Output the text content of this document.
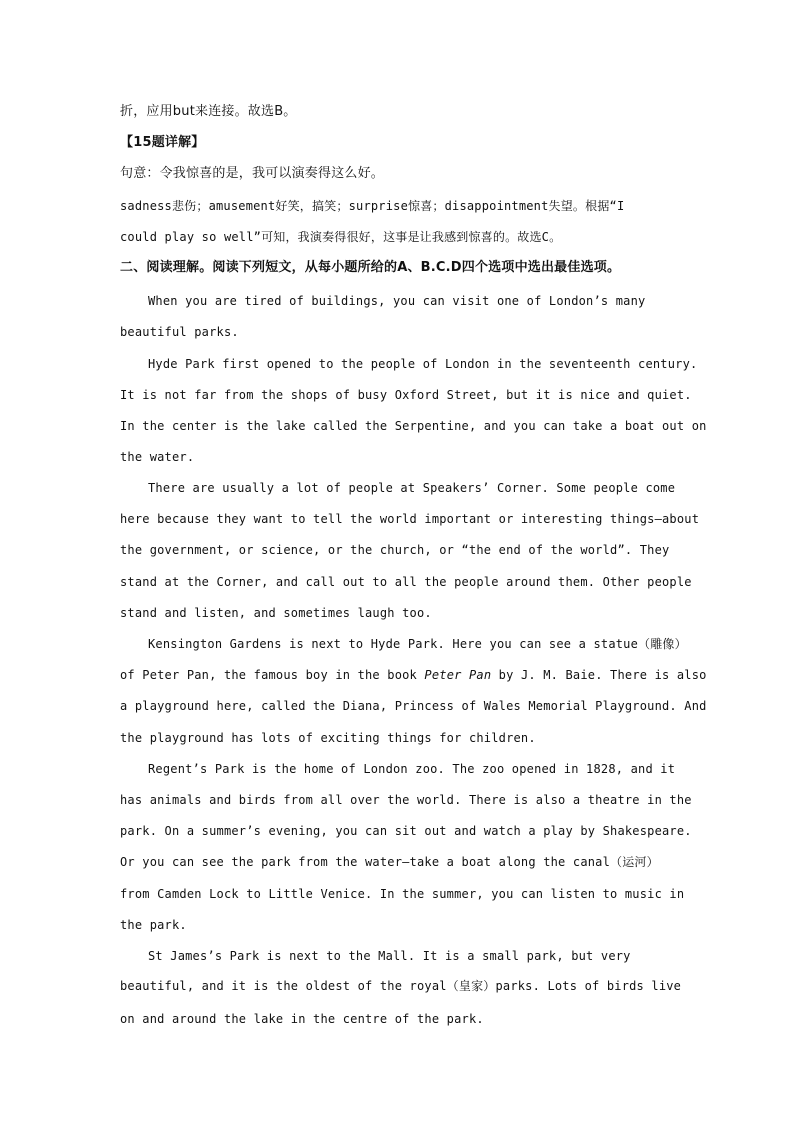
折，应用but来连接。故选B。
【15题详解】
句意：令我惊喜的是，我可以演奏得这么好。
sadness悲伤；amusement好笑，搞笑；surprise惊喜；disappointment失望。根据“I
could play so well”可知，我演奏得很好，这事是让我感到惊喜的。故选C。
二、阅读理解。阅读下列短文，从每小题所给的A、B.C.D四个选项中选出最佳选项。
When you are tired of buildings, you can visit one of London’s many
beautiful parks.
Hyde Park first opened to the people of London in the seventeenth century.
It is not far from the shops of busy Oxford Street, but it is nice and quiet.
In the center is the lake called the Serpentine, and you can take a boat out on
the water.
There are usually a lot of people at Speakers’ Corner. Some people come
here because they want to tell the world important or interesting things—about
the government, or science, or the church, or “the end of the world”. They
stand at the Corner, and call out to all the people around them. Other people
stand and listen, and sometimes laugh too.
Kensington Gardens is next to Hyde Park. Here you can see a statue（雕像）
of Peter Pan, the famous boy in the book Peter Pan by J. M. Baie. There is also
a playground here, called the Diana, Princess of Wales Memorial Playground. And
the playground has lots of exciting things for children.
Regent’s Park is the home of London zoo. The zoo opened in 1828, and it
has animals and birds from all over the world. There is also a theatre in the
park. On a summer’s evening, you can sit out and watch a play by Shakespeare.
Or you can see the park from the water—take a boat along the canal（运河）
from Camden Lock to Little Venice. In the summer, you can listen to music in
the park.
St James’s Park is next to the Mall. It is a small park, but very
beautiful, and it is the oldest of the royal（皇家）parks. Lots of birds live
on and around the lake in the centre of the park.
